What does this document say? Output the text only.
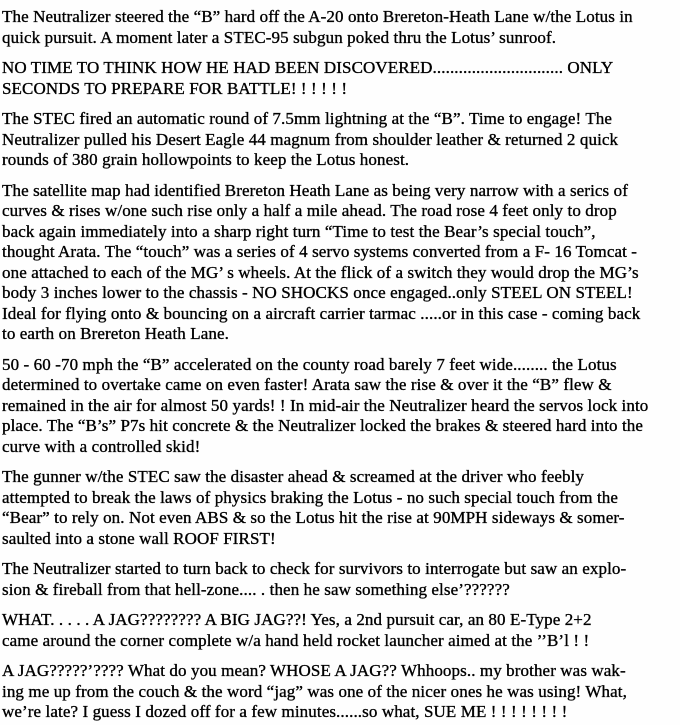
The Neutralizer steered the “B” hard off the A-20 onto Brereton-Heath Lane w/the Lotus in
quick pursuit. A moment later a STEC-95 subgun poked thru the Lotus’ sunroof.

NO TIME TO THINK HOW HE HAD BEEN DISCOVERED.............................. ONLY
SECONDS TO PREPARE FOR BATTLE! ! ! ! ! !

The STEC fired an automatic round of 7.5mm lightning at the “B”. Time to engage! The
Neutralizer pulled his Desert Eagle 44 magnum from shoulder leather & returned 2 quick
rounds of 380 grain hollowpoints to keep the Lotus honest.

The satellite map had identified Brereton Heath Lane as being very narrow with a serics of
curves & rises w/one such rise only a half a mile ahead. The road rose 4 feet only to drop
back again immediately into a sharp right turn “Time to test the Bear’s special touch”,
thought Arata. The “touch” was a series of 4 servo systems converted from a F- 16 Tomcat -
one attached to each of the MG’ s wheels. At the flick of a switch they would drop the MG’s
body 3 inches lower to the chassis - NO SHOCKS once engaged..only STEEL ON STEEL!
Ideal for flying onto & bouncing on a aircraft carrier tarmac .....or in this case - coming back
to earth on Brereton Heath Lane.

50 - 60 -70 mph the “B” accelerated on the county road barely 7 feet wide........ the Lotus
determined to overtake came on even faster! Arata saw the rise & over it the “B” flew &
remained in the air for almost 50 yards! ! In mid-air the Neutralizer heard the servos lock into
place. The “B’s” P7s hit concrete & the Neutralizer locked the brakes & steered hard into the
curve with a controlled skid!

The gunner w/the STEC saw the disaster ahead & screamed at the driver who feebly
attempted to break the laws of physics braking the Lotus - no such special touch from the
“Bear” to rely on. Not even ABS & so the Lotus hit the rise at 90MPH sideways & somer-
saulted into a stone wall ROOF FIRST!

The Neutralizer started to turn back to check for survivors to interrogate but saw an explo-
sion & fireball from that hell-zone.... . then he saw something else’??????

WHAT. . . . . A JAG???????? A BIG JAG??! Yes, a 2nd pursuit car, an 80 E-Type 2+2
came around the corner complete w/a hand held rocket launcher aimed at the ’’B’l ! !

A JAG?????’???? What do you mean? WHOSE A JAG?? Whhoops.. my brother was wak-
ing me up from the couch & the word “jag” was one of the nicer ones he was using! What,
we’re late? I guess I dozed off for a few minutes......so what, SUE ME ! ! ! ! ! ! ! !
